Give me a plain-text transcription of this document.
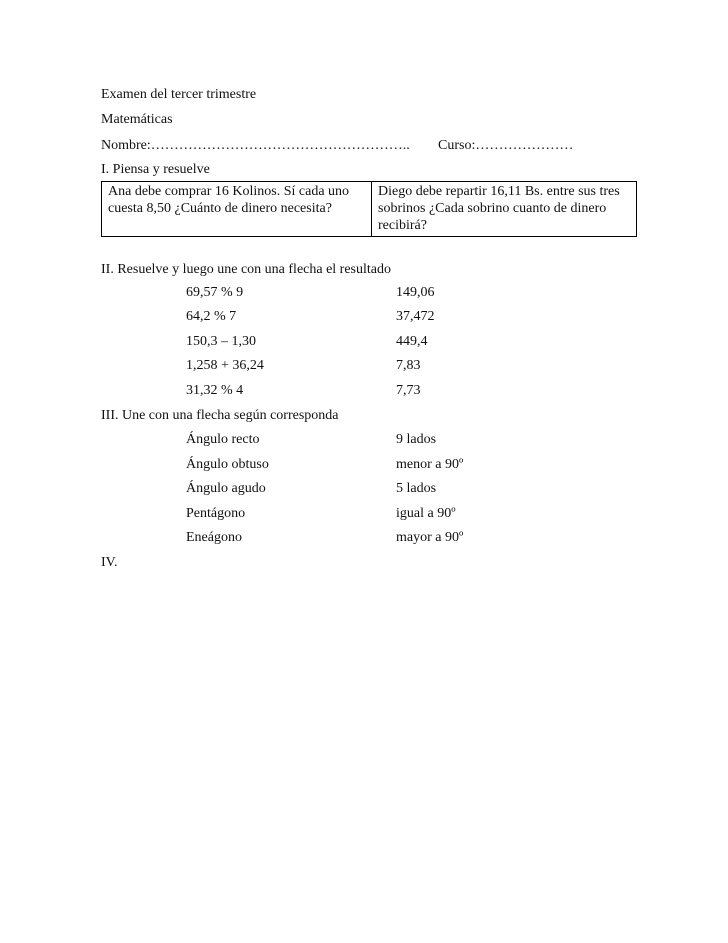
Examen del tercer trimestre
Matemáticas
Nombre:……………………………………………….. Curso:…………………
I. Piensa y resuelve
Ana debe comprar 16 Kolinos. Sí cada uno cuesta 8,50 ¿Cuánto de dinero necesita?
Diego debe repartir 16,11 Bs. entre sus tres sobrinos ¿Cada sobrino cuanto de dinero recibirá?
II. Resuelve y luego une con una flecha el resultado
69,57 % 9	149,06
64,2 % 7	37,472
150,3 – 1,30	449,4
1,258 + 36,24	7,83
31,32 % 4	7,73
III. Une con una flecha según corresponda
Ángulo recto	9 lados
Ángulo obtuso	menor a 90º
Ángulo agudo	5 lados
Pentágono	igual a 90º
Eneágono	mayor a 90º
IV.
